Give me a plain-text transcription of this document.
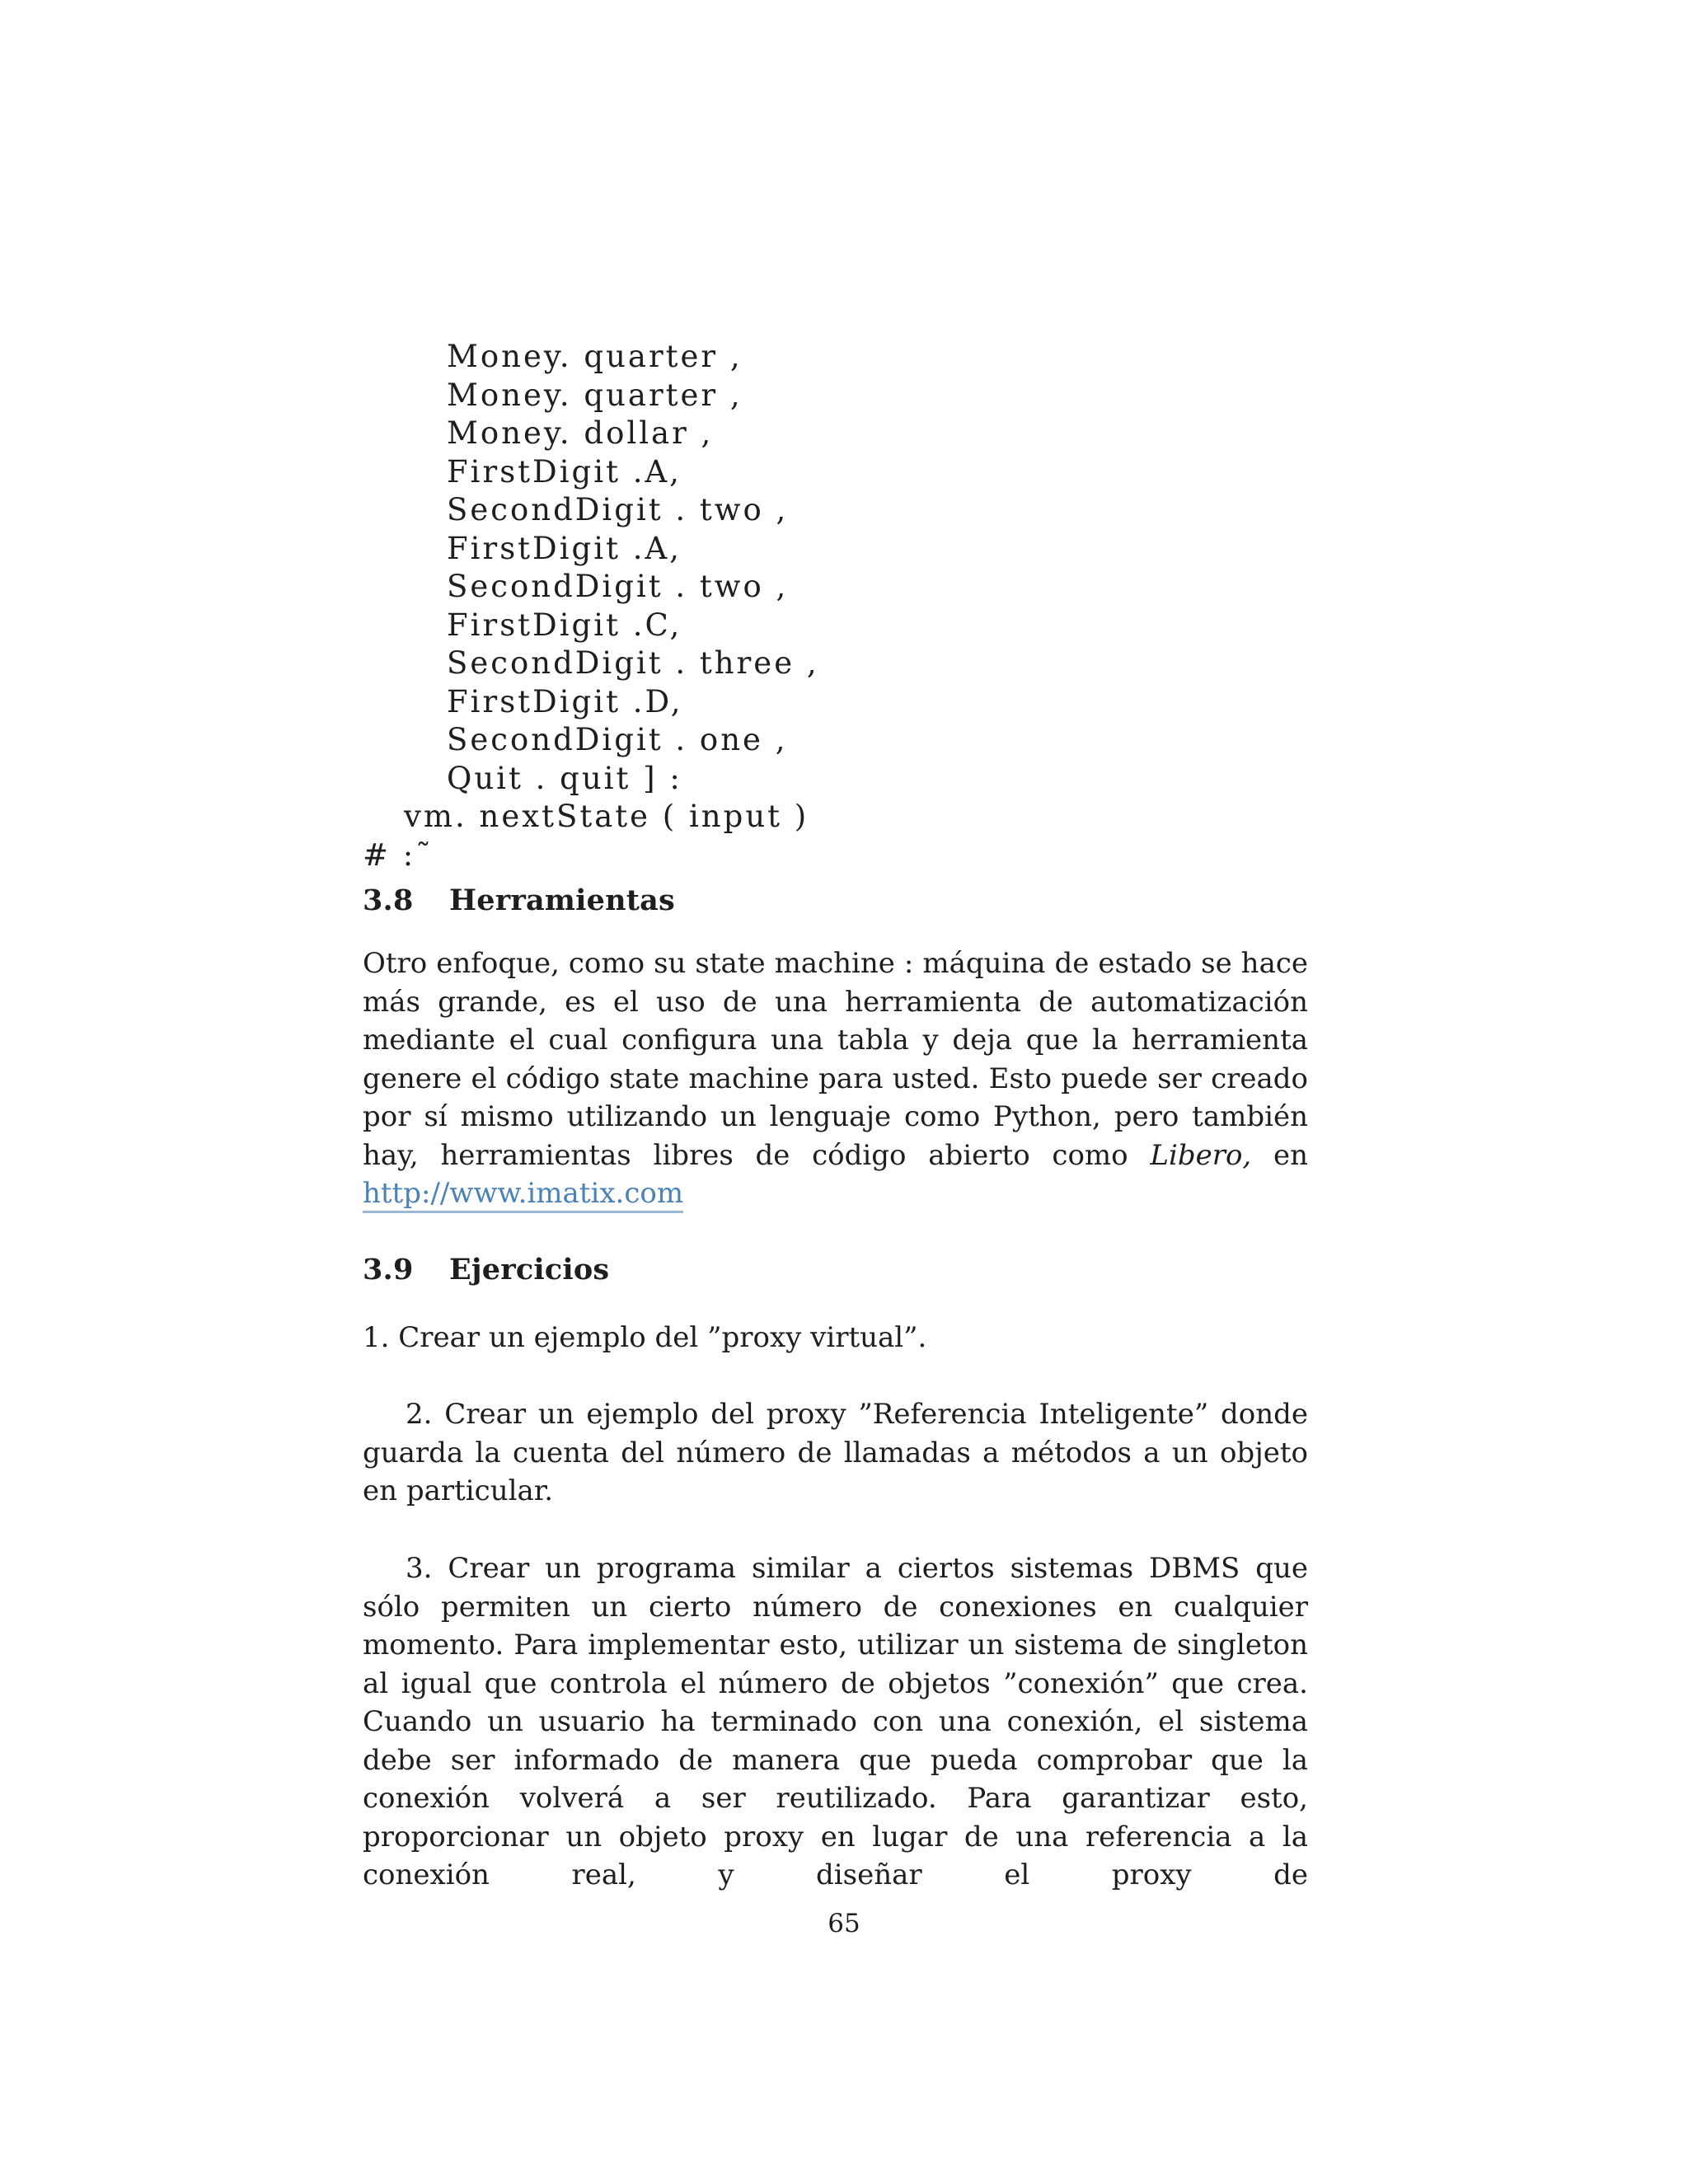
Money. quarter ,
Money. quarter ,
Money. dollar ,
FirstDigit .A,
SecondDigit . two ,
FirstDigit .A,
SecondDigit . two ,
FirstDigit .C,
SecondDigit . three ,
FirstDigit .D,
SecondDigit . one ,
Quit . quit ] :
vm. nextState ( input )
# :˜
3.8 Herramientas

Otro enfoque, como su state machine : máquina de estado se hace más grande, es el uso de una herramienta de automatización mediante el cual configura una tabla y deja que la herramienta genere el código state machine para usted. Esto puede ser creado por sí mismo utilizando un lenguaje como Python, pero también hay, herramientas libres de código abierto como Libero, en http://www.imatix.com

3.9 Ejercicios

1. Crear un ejemplo del ”proxy virtual”.

2. Crear un ejemplo del proxy ”Referencia Inteligente” donde guarda la cuenta del número de llamadas a métodos a un objeto en particular.

3. Crear un programa similar a ciertos sistemas DBMS que sólo permiten un cierto número de conexiones en cualquier momento. Para implementar esto, utilizar un sistema de singleton al igual que controla el número de objetos ”conexión” que crea. Cuando un usuario ha terminado con una conexión, el sistema debe ser informado de manera que pueda comprobar que la conexión volverá a ser reutilizado. Para garantizar esto, proporcionar un objeto proxy en lugar de una referencia a la conexión real, y diseñar el proxy de

65
